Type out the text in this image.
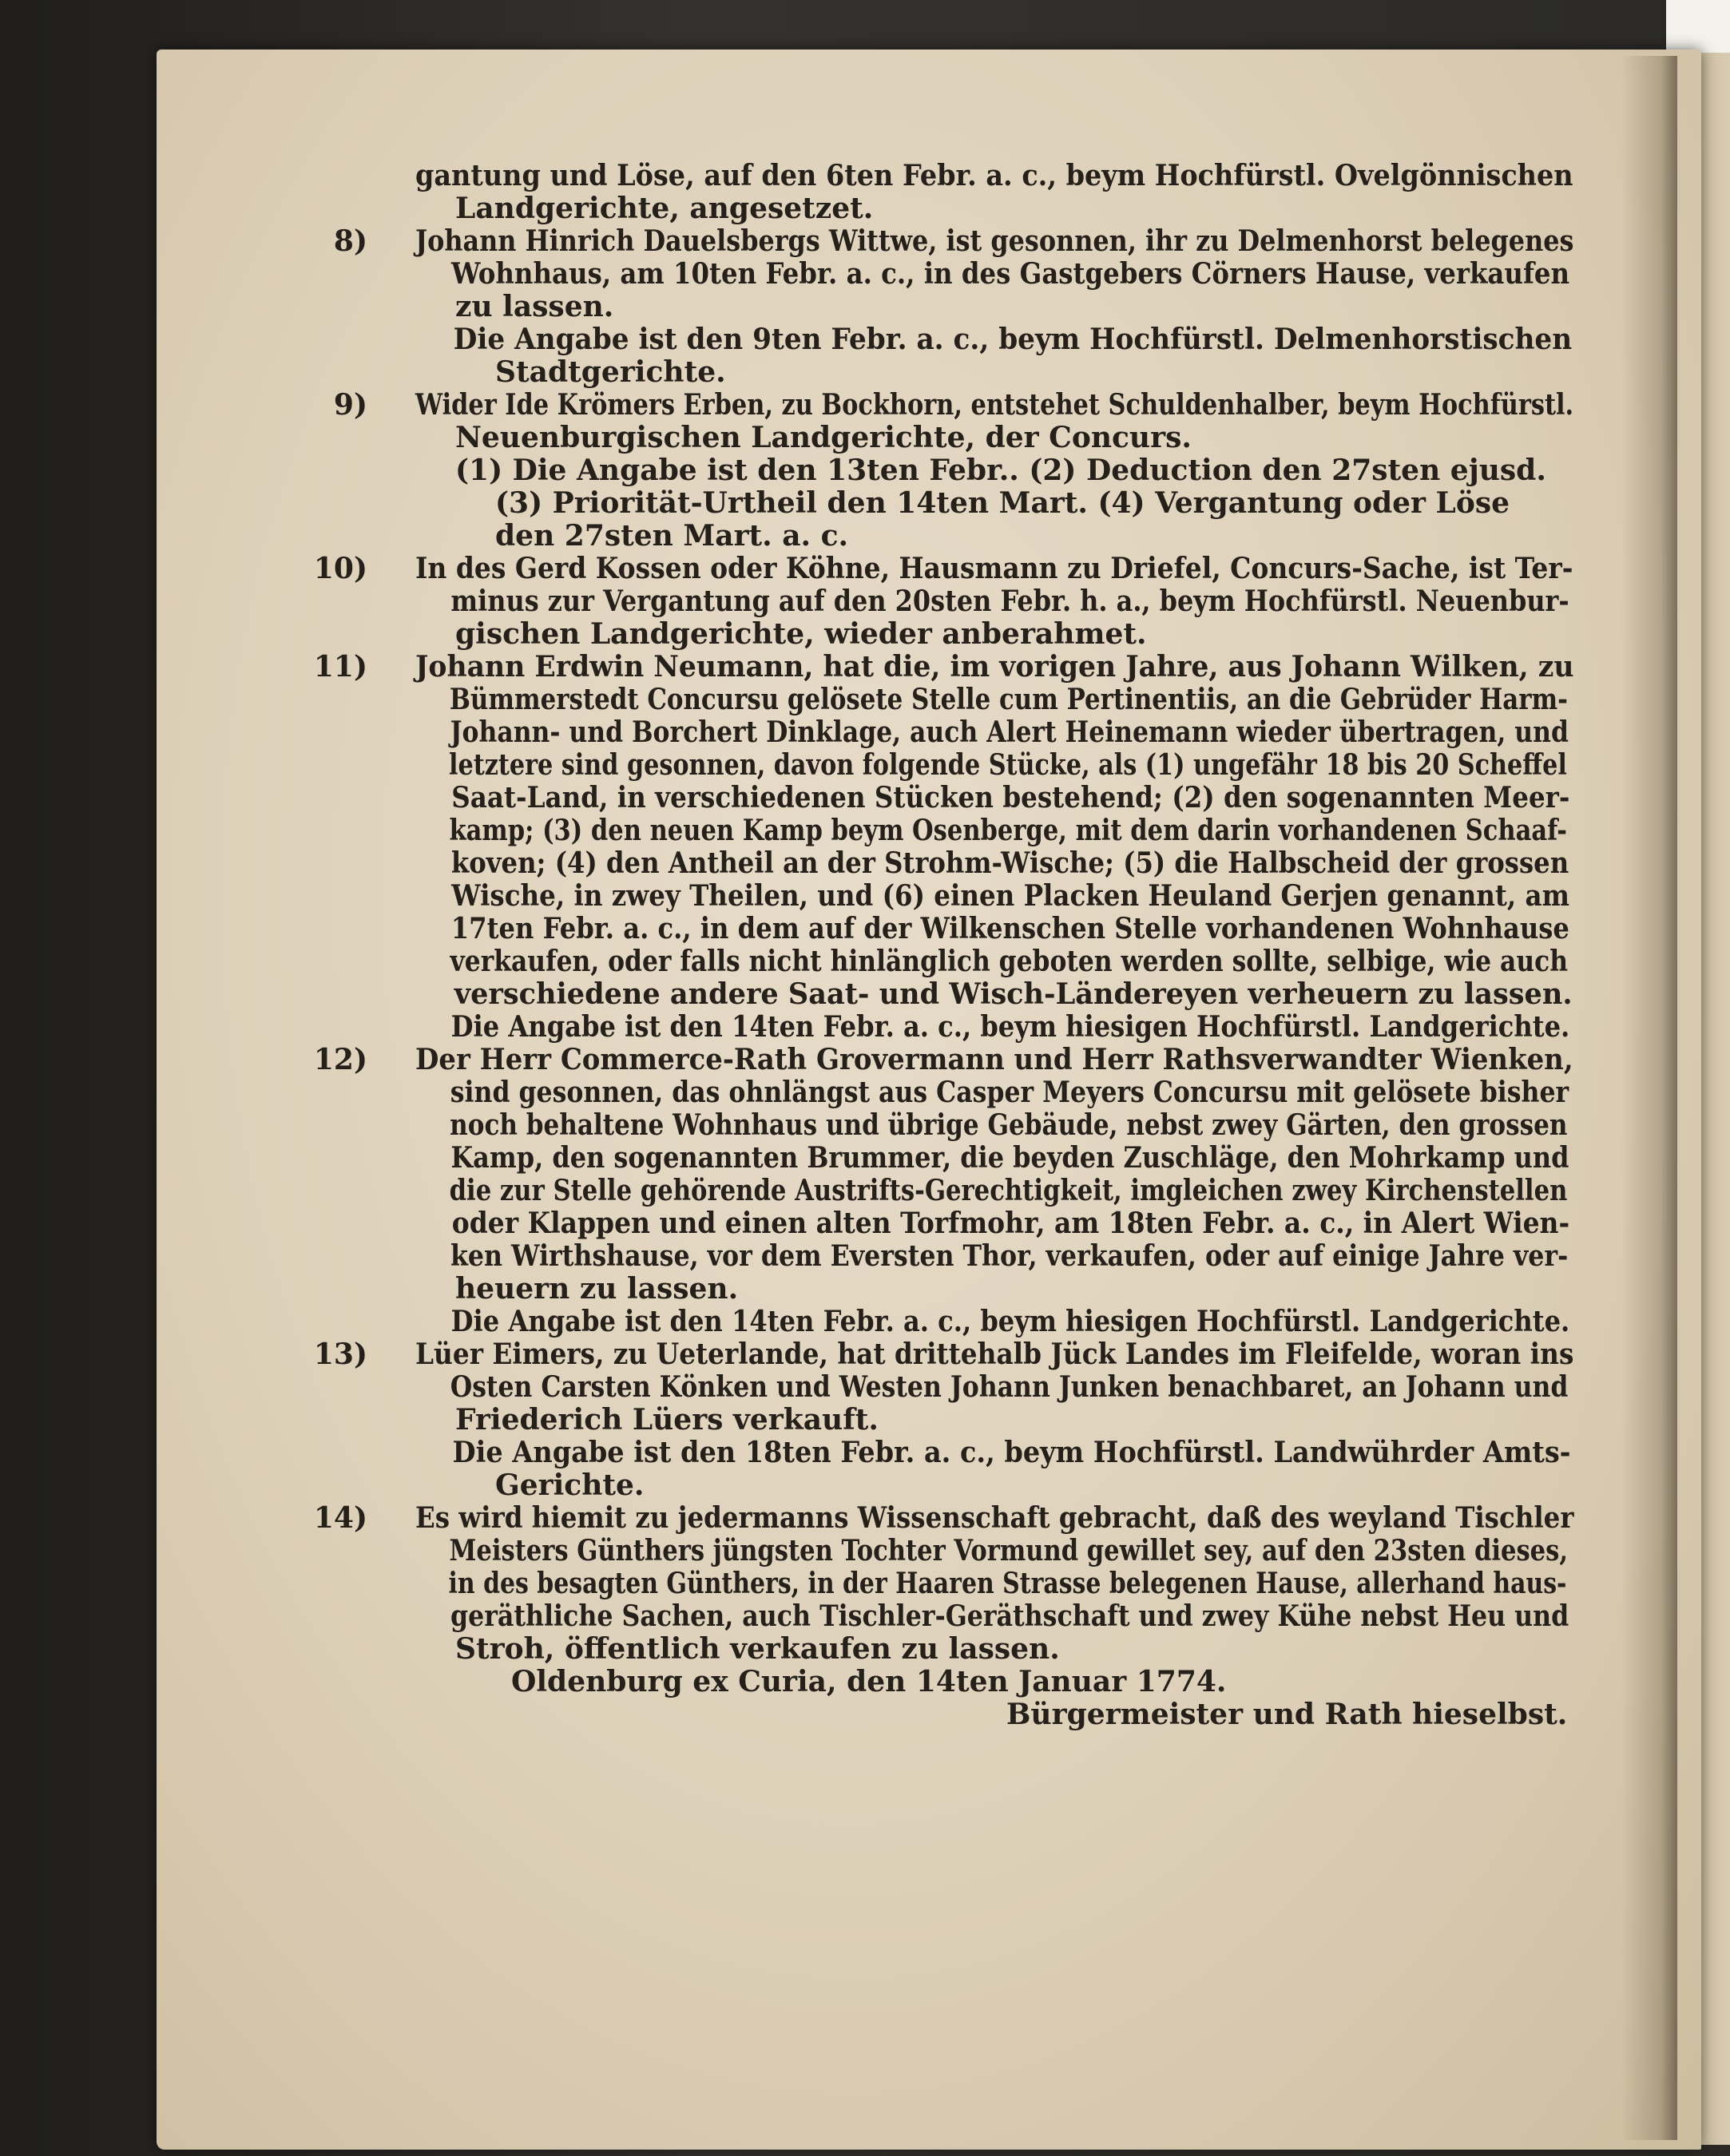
gantung und Löse, auf den 6ten Febr. a. c., beym Hochfürstl. Ovelgönnischen
Landgerichte, angesetzet.
8) Johann Hinrich Dauelsbergs Wittwe, ist gesonnen, ihr zu Delmenhorst belegenes
Wohnhaus, am 10ten Febr. a. c., in des Gastgebers Cörners Hause, verkaufen
zu lassen.
Die Angabe ist den 9ten Febr. a. c., beym Hochfürstl. Delmenhorstischen
Stadtgerichte.
9) Wider Ide Krömers Erben, zu Bockhorn, entstehet Schuldenhalber, beym Hochfürstl.
Neuenburgischen Landgerichte, der Concurs.
(1) Die Angabe ist den 13ten Febr.. (2) Deduction den 27sten ejusd.
(3) Priorität-Urtheil den 14ten Mart. (4) Vergantung oder Löse
den 27sten Mart. a. c.
10) In des Gerd Kossen oder Köhne, Hausmann zu Driefel, Concurs-Sache, ist Ter-
minus zur Vergantung auf den 20sten Febr. h. a., beym Hochfürstl. Neuenbur-
gischen Landgerichte, wieder anberahmet.
11) Johann Erdwin Neumann, hat die, im vorigen Jahre, aus Johann Wilken, zu
Bümmerstedt Concursu gelösete Stelle cum Pertinentiis, an die Gebrüder Harm-
Johann- und Borchert Dinklage, auch Alert Heinemann wieder übertragen, und
letztere sind gesonnen, davon folgende Stücke, als (1) ungefähr 18 bis 20 Scheffel
Saat-Land, in verschiedenen Stücken bestehend; (2) den sogenannten Meer-
kamp; (3) den neuen Kamp beym Osenberge, mit dem darin vorhandenen Schaaf-
koven; (4) den Antheil an der Strohm-Wische; (5) die Halbscheid der grossen
Wische, in zwey Theilen, und (6) einen Placken Heuland Gerjen genannt, am
17ten Febr. a. c., in dem auf der Wilkenschen Stelle vorhandenen Wohnhause
verkaufen, oder falls nicht hinlänglich geboten werden sollte, selbige, wie auch
verschiedene andere Saat- und Wisch-Ländereyen verheuern zu lassen.
Die Angabe ist den 14ten Febr. a. c., beym hiesigen Hochfürstl. Landgerichte.
12) Der Herr Commerce-Rath Grovermann und Herr Rathsverwandter Wienken,
sind gesonnen, das ohnlängst aus Casper Meyers Concursu mit gelösete bisher
noch behaltene Wohnhaus und übrige Gebäude, nebst zwey Gärten, den grossen
Kamp, den sogenannten Brummer, die beyden Zuschläge, den Mohrkamp und
die zur Stelle gehörende Austrifts-Gerechtigkeit, imgleichen zwey Kirchenstellen
oder Klappen und einen alten Torfmohr, am 18ten Febr. a. c., in Alert Wien-
ken Wirthshause, vor dem Eversten Thor, verkaufen, oder auf einige Jahre ver-
heuern zu lassen.
Die Angabe ist den 14ten Febr. a. c., beym hiesigen Hochfürstl. Landgerichte.
13) Lüer Eimers, zu Ueterlande, hat drittehalb Jück Landes im Fleifelde, woran ins
Osten Carsten Könken und Westen Johann Junken benachbaret, an Johann und
Friederich Lüers verkauft.
Die Angabe ist den 18ten Febr. a. c., beym Hochfürstl. Landwührder Amts-
Gerichte.
14) Es wird hiemit zu jedermanns Wissenschaft gebracht, daß des weyland Tischler
Meisters Günthers jüngsten Tochter Vormund gewillet sey, auf den 23sten dieses,
in des besagten Günthers, in der Haaren Strasse belegenen Hause, allerhand haus-
geräthliche Sachen, auch Tischler-Geräthschaft und zwey Kühe nebst Heu und
Stroh, öffentlich verkaufen zu lassen.
Oldenburg ex Curia, den 14ten Januar 1774.
Bürgermeister und Rath hieselbst.
